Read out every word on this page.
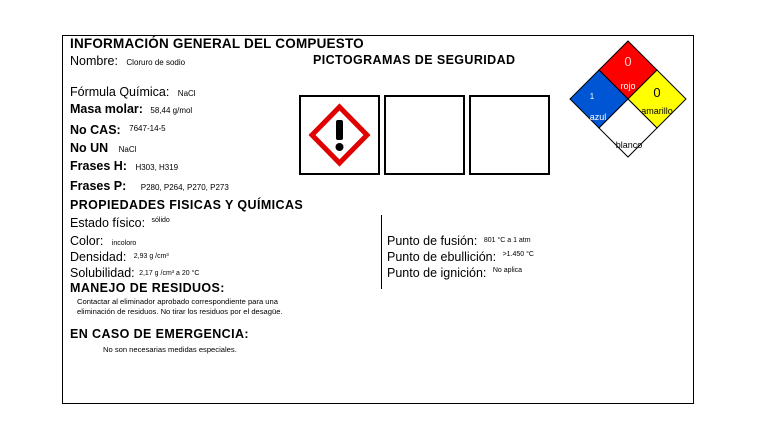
INFORMACIÓN GENERAL DEL COMPUESTO
Nombre: Cloruro de sodio	PICTOGRAMAS DE SEGURIDAD
Fórmula Química: NaCl
Masa molar: 58,44 g/mol
No CAS: 7647-14-5
No UN NaCl
Frases H: H303, H319
Frases P: P280, P264, P270, P273
0
rojo
1
azul
0
amarillo
blanco
PROPIEDADES FISICAS Y QUÍMICAS
Estado físico: $^{sólido}$
Color: incoloro
Densidad: 2,93 g /cm³
Solubilidad: 2,17 g /cm³ a 20 °C
Punto de fusión: 801 °C a 1 atm
Punto de ebullición: $^{>1.450 ^\circ C}$
Punto de ignición: $^{No aplica}$
MANEJO DE RESIDUOS:
Contactar al eliminador aprobado correspondiente para una
eliminación de residuos. No tirar los residuos por el desagüe.
EN CASO DE EMERGENCIA:
No son necesarias medidas especiales.
